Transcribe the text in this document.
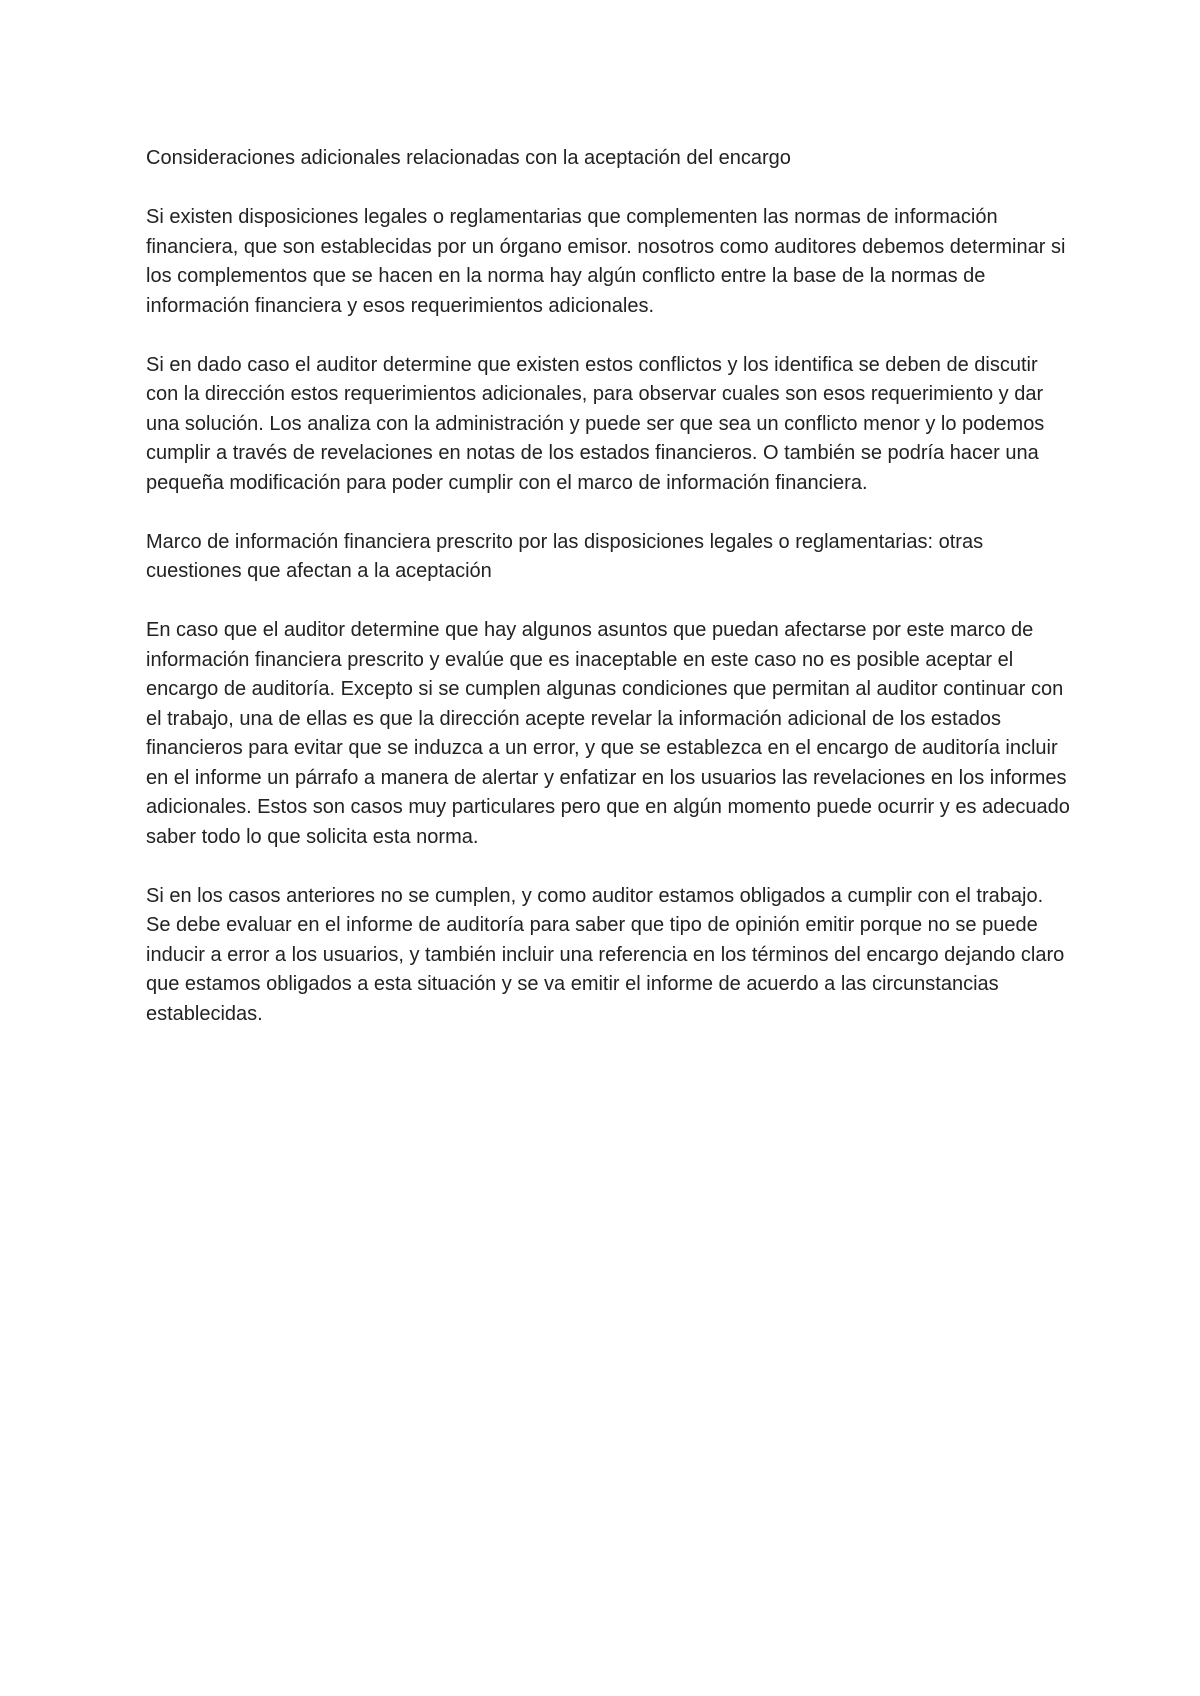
Consideraciones adicionales relacionadas con la aceptación del encargo

Si existen disposiciones legales o reglamentarias que complementen las normas de información financiera, que son establecidas por un órgano emisor. nosotros como auditores debemos determinar si los complementos que se hacen en la norma hay algún conflicto entre la base de la normas de información financiera y esos requerimientos adicionales.

Si en dado caso el auditor determine que existen estos conflictos y los identifica se deben de discutir con la dirección estos requerimientos adicionales, para observar cuales son esos requerimiento y dar una solución. Los analiza con la administración y puede ser que sea un conflicto menor y lo podemos cumplir a través de revelaciones en notas de los estados financieros. O también se podría hacer una pequeña modificación para poder cumplir con el marco de información financiera.

Marco de información financiera prescrito por las disposiciones legales o reglamentarias: otras cuestiones que afectan a la aceptación

En caso que el auditor determine que hay algunos asuntos que puedan afectarse por este marco de información financiera prescrito y evalúe que es inaceptable en este caso no es posible aceptar el encargo de auditoría. Excepto si se cumplen algunas condiciones que permitan al auditor continuar con el trabajo, una de ellas es que la dirección acepte revelar la información adicional de los estados financieros para evitar que se induzca a un error, y que se establezca en el encargo de auditoría incluir en el informe un párrafo a manera de alertar y enfatizar en los usuarios las revelaciones en los informes adicionales. Estos son casos muy particulares pero que en algún momento puede ocurrir y es adecuado saber todo lo que solicita esta norma.

Si en los casos anteriores no se cumplen, y como auditor estamos obligados a cumplir con el trabajo. Se debe evaluar en el informe de auditoría para saber que tipo de opinión emitir porque no se puede inducir a error a los usuarios, y también incluir una referencia en los términos del encargo dejando claro que estamos obligados a esta situación y se va emitir el informe de acuerdo a las circunstancias establecidas.
